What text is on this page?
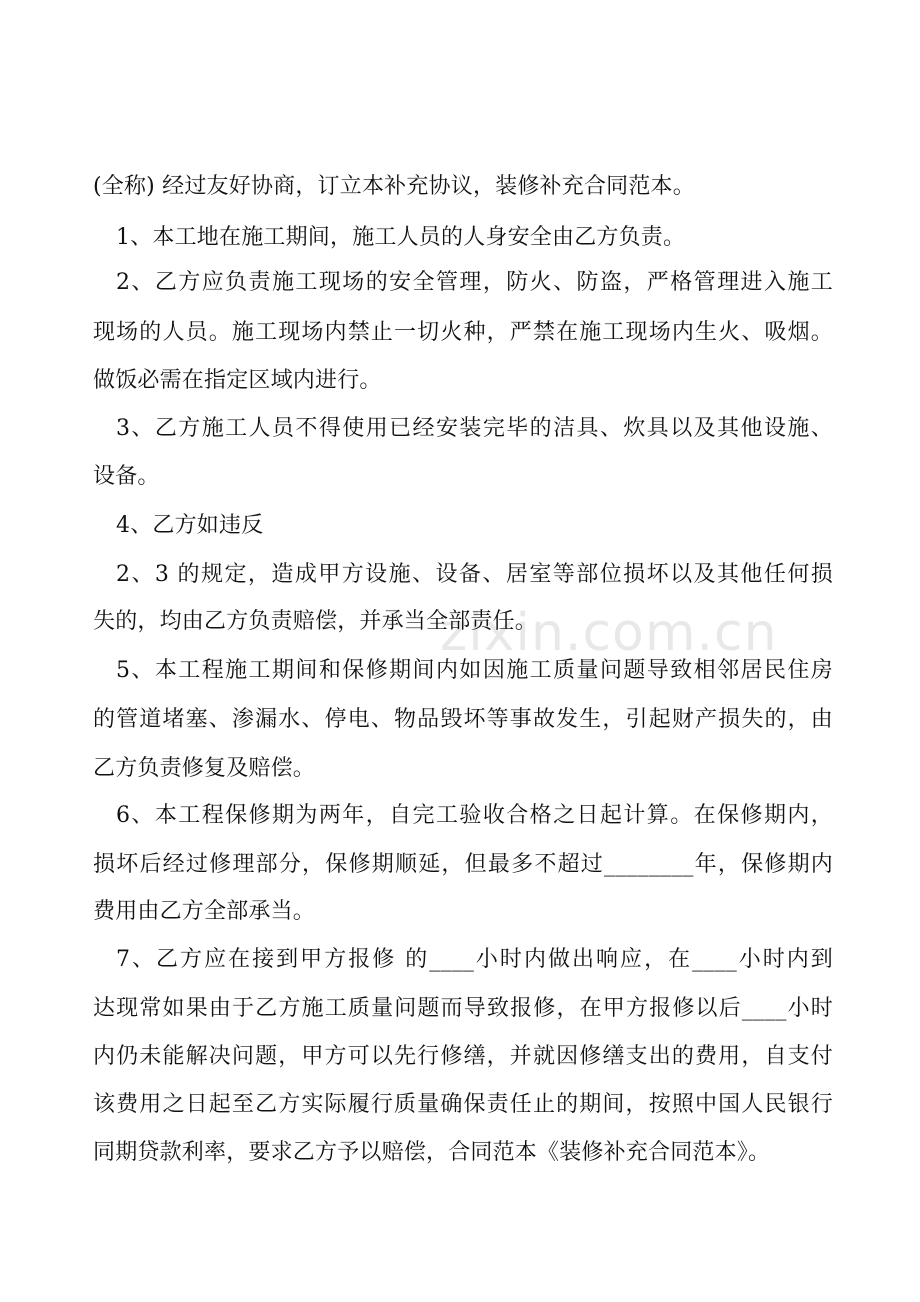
zixin.com.cn
(全称) 经过友好协商，订立本补充协议，装修补充合同范本。
1、本工地在施工期间，施工人员的人身安全由乙方负责。
2、乙方应负责施工现场的安全管理，防火、防盗，严格管理进入施工
现场的人员。施工现场内禁止一切火种，严禁在施工现场内生火、吸烟。
做饭必需在指定区域内进行。
3、乙方施工人员不得使用已经安装完毕的洁具、炊具以及其他设施、
设备。
4、乙方如违反
2、3 的规定，造成甲方设施、设备、居室等部位损坏以及其他任何损
失的，均由乙方负责赔偿，并承当全部责任。
5、本工程施工期间和保修期间内如因施工质量问题导致相邻居民住房
的管道堵塞、渗漏水、停电、物品毁坏等事故发生，引起财产损失的，由
乙方负责修复及赔偿。
6、本工程保修期为两年，自完工验收合格之日起计算。在保修期内，
损坏后经过修理部分，保修期顺延，但最多不超过________年，保修期内
费用由乙方全部承当。
7、乙方应在接到甲方报修 的____小时内做出响应，在____小时内到
达现常如果由于乙方施工质量问题而导致报修，在甲方报修以后____小时
内仍未能解决问题，甲方可以先行修缮，并就因修缮支出的费用，自支付
该费用之日起至乙方实际履行质量确保责任止的期间，按照中国人民银行
同期贷款利率，要求乙方予以赔偿，合同范本《装修补充合同范本》。
